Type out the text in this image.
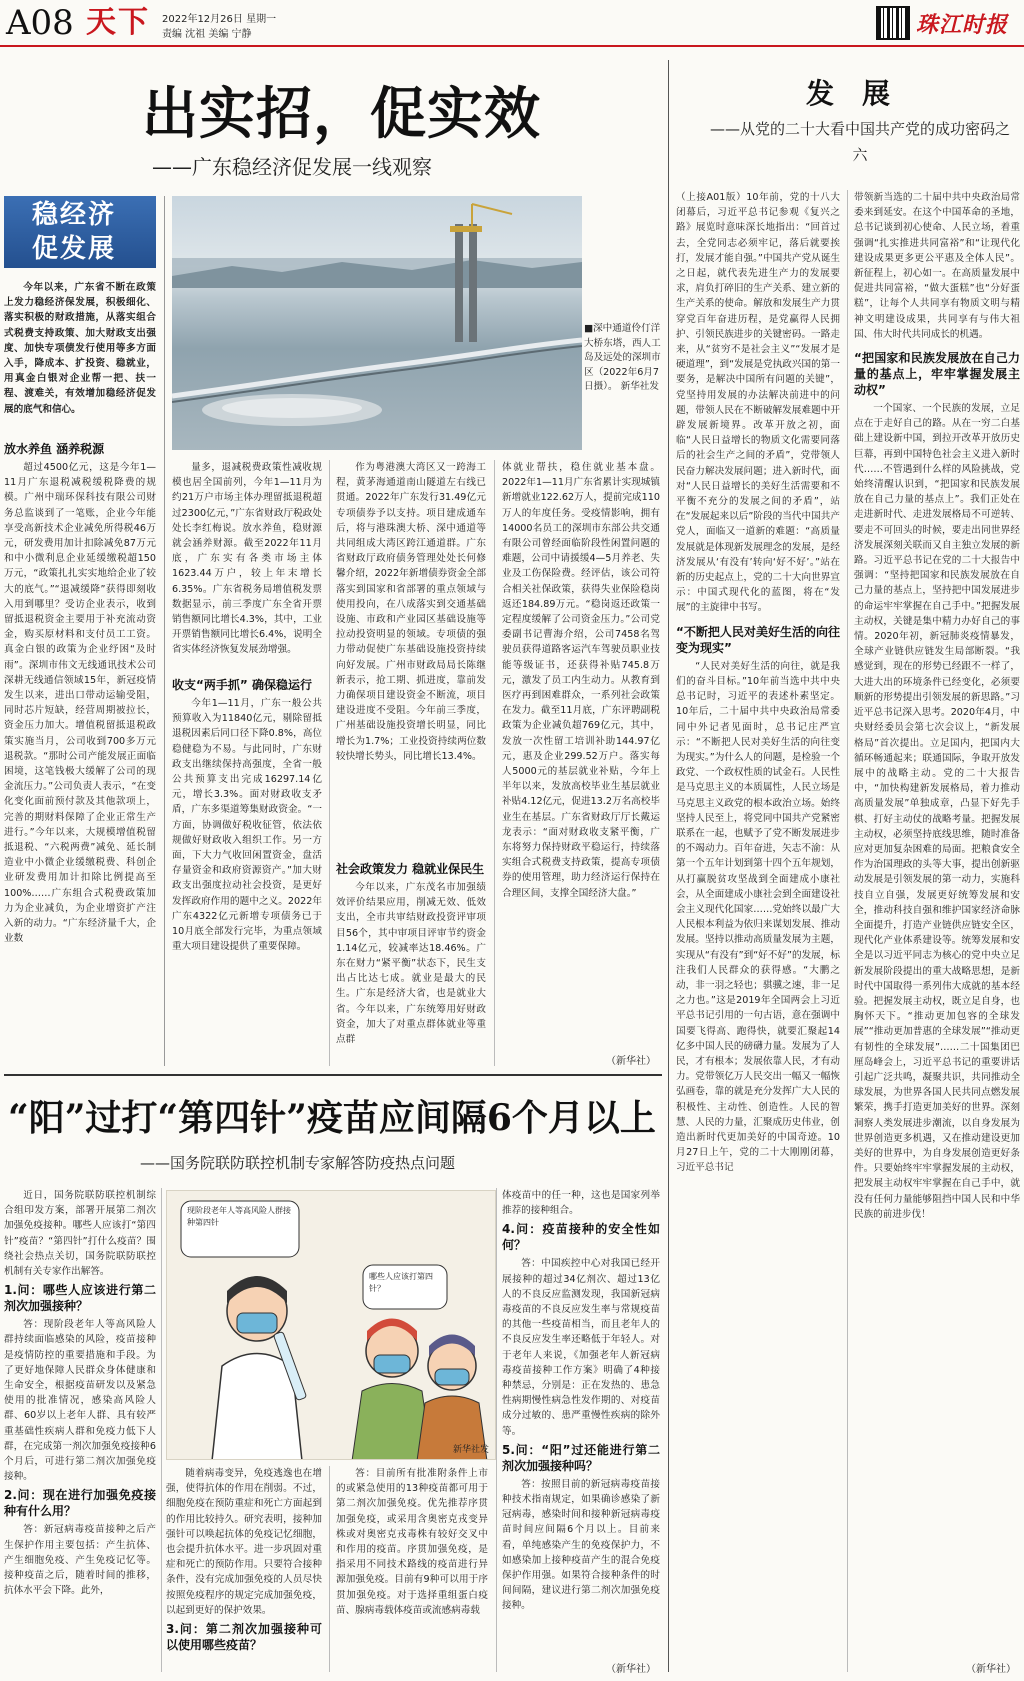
A08 天下 2022年12月26日 星期一
责编 沈祖 美编 宁静	珠江时报
出实招，促实效
——广东稳经济促发展一线观察
稳经济
促发展
今年以来，广东省不断在政策上发力稳经济保发展，积极细化、落实积极的财政措施，从落实组合式税费支持政策、加大财政支出强度、加快专项债发行使用等多方面入手，降成本、扩投资、稳就业，用真金白银对企业帮一把、扶一程、渡难关，有效增加稳经济促发展的底气和信心。
放水养鱼 涵养税源
超过4500亿元，这是今年1—11月广东退税减税缓税降费的规模。广州中瑞环保科技有限公司财务总监谈到了一笔账，企业今年能享受高新技术企业减免所得税46万元，研发费用加计扣除减免87万元和中小微利息企业延缓缴税超150万元，“政策扎扎实实地给企业了较大的底气。”“退减缓降”获得即刻收入用到哪里？受访企业表示，收到留抵退税资金主要用于补充流动资金，购买原材料和支付员工工资。真金白银的政策为企业纾困“及时雨”。深圳市伟文无线通讯技术公司深耕无线通信领域15年，新冠疫情发生以来，进出口带动运输受阻，同时芯片短缺，经营周期被拉长，资金压力加大。增值税留抵退税政策实施当月，公司收到700多万元退税款。“那时公司产能发展正面临困境，这笔钱极大缓解了公司的现金流压力。”公司负责人表示，“在变化变化面前预付款及其他款项上，完善的期财料保障了企业正常生产进行。”今年以来，大规模增值税留抵退税、“六税两费”减免、延长制造业中小微企业缓缴税费、科创企业研发费用加计扣除比例提高至100%……广东组合式税费政策加力为企业减负，为企业增资扩产注入新的动力。“广东经济量千大，企业数
■深中通道伶仃洋大桥东塔，西人工岛及远处的深圳市区（2022年6月7日摄）。 新华社发
量多，退减税费政策性减收规模也居全国前列，今年1—11月为约21万户市场主体办理留抵退税超过2300亿元，”广东省财政厅税政处处长李红梅说。放水养鱼，稳财源就会涵养财源。截至2022年11月底，广东实有各类市场主体1623.44万户，较上年末增长6.35%。广东省税务局增值税发票数据显示，前三季度广东全省开票销售额同比增长4.3%，其中，工业开票销售额同比增长6.4%，说明全省实体经济恢复发展劲增强。
收支“两手抓” 确保稳运行
今年1—11月，广东一般公共预算收入为11840亿元，剔除留抵退税因素后同口径下降0.8%，高位稳健稳为不易。与此同时，广东财政支出继续保持高强度，全省一般公共预算支出完成16297.14亿元，增长3.3%。面对财政收支矛盾，广东多渠道筹集财政资金。“一方面，协调做好税收征管，依法依规做好财政收入组织工作。另一方面，下大力气收回闲置资金，盘活存量资金和政府资源资产。”加大财政支出强度拉动社会投资，是更好发挥政府作用的题中之义。2022年广东4322亿元新增专项债务已于10月底全部发行完毕，为重点领域重大项目建设提供了重要保障。
作为粤港澳大湾区又一跨海工程，黄茅海通道南山隧道左右线已贯通。2022年广东发行31.49亿元专项债券予以支持。项目建成通车后，将与港珠澳大桥、深中通道等共同组成大湾区跨江通道群。广东省财政厅政府债务管理处处长何修馨介绍，2022年新增债券资金全部落实到国家和省部署的重点领域与使用投向，在八成落实到交通基础设施、市政和产业园区基础设施等拉动投资明显的领域。专项债的强力带动促使广东基础设施投资持续向好发展。广州市财政局局长陈继新表示，抢工期、抓进度，靠前发力确保项目建设资金不断流，项目建设进度不受阻。今年前三季度，广州基础设施投资增长明显，同比增长为1.7%；工业投资持续两位数较快增长势头，同比增长13.4%。
社会政策发力 稳就业保民生
今年以来，广东茂名市加强绩效评价结果应用，削减无效、低效支出，全市共审结财政投资评审项目56个，其中审项目评审节约资金1.14亿元，较减率达18.46%。广东在财力“紧平衡”状态下，民生支出占比达七成。就业是最大的民生。广东是经济大省，也是就业大省。今年以来，广东统筹用好财政资金，加大了对重点群体就业等重点群
体就业帮扶，稳住就业基本盘。2022年1—11月广东省累计实现城镇新增就业122.62万人，提前完成110万人的年度任务。受疫情影响，拥有14000名员工的深圳市东部公共交通有限公司曾经面临阶段性闲置问题的难题，公司中请援缓4—5月养老、失业及工伤保险费。经评估，该公司符合相关社保政策，获得失业保险稳岗返还184.89万元。“稳岗返还政策一定程度缓解了公司资金压力。”公司党委副书记曹海介绍，公司7458名驾驶员获得道路客运汽车驾驶员职业技能等级证书，还获得补贴745.8万元，激发了员工内生动力。从教育到医疗再到困难群众，一系列社会政策在发力。截至11月底，广东评聘副税政策为企业减负超769亿元，其中，发放一次性留工培训补助144.97亿元，惠及企业299.52万户。落实每人5000元的基层就业补贴，今年上半年以来，发放高校毕业生基层就业补贴4.12亿元，促进13.2万名高校毕业生在基层。广东省财政厅厅长戴运龙表示：“面对财政收支紧平衡，广东将努力保持财政平稳运行，持续落实组合式税费支持政策，提高专项债券的使用管理，助力经济运行保持在合理区间，支撑全国经济大盘。”
（新华社）
“阳”过打“第四针”疫苗应间隔6个月以上
——国务院联防联控机制专家解答防疫热点问题

近日，国务院联防联控机制综合组印发方案，部署开展第二剂次加强免疫接种。哪些人应该打“第四针”疫苗？“第四针”打什么疫苗？围绕社会热点关切，国务院联防联控机制有关专家作出解答。

1.问：哪些人应该进行第二剂次加强接种？

答：现阶段老年人等高风险人群持续面临感染的风险，疫苗接种是疫情防控的重要措施和手段。为了更好地保障人民群众身体健康和生命安全，根据疫苗研发以及紧急使用的批准情况，感染高风险人群、60岁以上老年人群、具有较严重基础性疾病人群和免疫力低下人群，在完成第一剂次加强免疫接种6个月后，可进行第二剂次加强免疫接种。

2.问：现在进行加强免疫接种有什么用？

答：新冠病毒疫苗接种之后产生保护作用主要包括：产生抗体、产生细胞免疫、产生免疫记忆等。接种疫苗之后，随着时间的推移，抗体水平会下降。此外，

现阶段老年人等高风险人群接种第四针
哪些人应该打第四针？
新华社发

随着病毒变异，免疫逃逸也在增强，使得抗体的作用在削弱。不过，细胞免疫在预防重症和死亡方面起到的作用比较持久。研究表明，接种加强针可以唤起抗体的免疫记忆细胞，也会提升抗体水平。进一步巩固对重症和死亡的预防作用。只要符合接种条件，没有完成加强免疫的人员尽快按照免疫程序的规定完成加强免疫，以起到更好的保护效果。

3.问：第二剂次加强接种可以使用哪些疫苗？

答：目前所有批准附条件上市的或紧急使用的13种疫苗都可用于第二剂次加强免疫。优先推荐序贯加强免疫，或采用含奥密克戎变异株或对奥密克戎毒株有较好交叉中和作用的疫苗。序贯加强免疫，是指采用不同技术路线的疫苗进行异源加强免疫。目前有9种可以用于序贯加强免疫。对于选择重组蛋白疫苗、腺病毒载体疫苗或流感病毒载

体疫苗中的任一种，这也是国家列举推荐的接种组合。

4.问：疫苗接种的安全性如何？

答：中国疾控中心对我国已经开展接种的超过34亿剂次、超过13亿人的不良反应监测发现，我国新冠病毒疫苗的不良反应发生率与常规疫苗的其他一些疫苗相当，而且老年人的不良反应发生率还略低于年轻人。对于老年人来说，《加强老年人新冠病毒疫苗接种工作方案》明确了4种接种禁忌，分别是：正在发热的、患急性病期慢性病急性发作期的、对疫苗成分过敏的、患严重慢性疾病的除外等。

5.问：“阳”过还能进行第二剂次加强接种吗？

答：按照目前的新冠病毒疫苗接种技术指南规定，如果确诊感染了新冠病毒，感染时间和接种新冠病毒疫苗时间应间隔6个月以上。目前来看，单纯感染产生的免疫保护力，不如感染加上接种疫苗产生的混合免疫保护作用强。如果符合接种条件的时间间隔，建议进行第二剂次加强免疫接种。

（新华社）
发　展
——从党的二十大看中国共产党的成功密码之六

（上接A01版）10年前，党的十八大闭幕后，习近平总书记参观《复兴之路》展览时意味深长地指出：“回首过去，全党同志必须牢记，落后就要挨打，发展才能自强。”中国共产党从诞生之日起，就代表先进生产力的发展要求，肩负打碎旧的生产关系、建立新的生产关系的使命。解放和发展生产力贯穿党百年奋进历程，是党赢得人民拥护、引领民族进步的关键密码。一路走来，从“贫穷不是社会主义”“发展才是硬道理”，到“发展是党执政兴国的第一要务，是解决中国所有问题的关键”，党坚持用发展的办法解决前进中的问题，带领人民在不断破解发展难题中开辟发展新境界。改革开放之初，面临“人民日益增长的物质文化需要同落后的社会生产之间的矛盾”，党带领人民奋力解决发展问题；进入新时代，面对“人民日益增长的美好生活需要和不平衡不充分的发展之间的矛盾”，站在“发展起来以后”阶段的当代中国共产党人，面临又一道新的难题：“高质量发展就是体现新发展理念的发展，是经济发展从‘有没有’转向‘好不好’。”站在新的历史起点上，党的二十大向世界宣示：中国式现代化的蓝图，将在“发展”的主旋律中书写。

“不断把人民对美好生活的向往变为现实”

“人民对美好生活的向往，就是我们的奋斗目标。”10年前当选中共中央总书记时，习近平的表述朴素坚定。10年后，二十届中共中央政治局常委同中外记者见面时，总书记庄严宣示：“不断把人民对美好生活的向往变为现实。”为什么人的问题，是检验一个政党、一个政权性质的试金石。人民性是马克思主义的本质属性，人民立场是马克思主义政党的根本政治立场。始终坚持人民至上，将党同中国共产党紧密联系在一起，也赋予了党不断发展进步的不竭动力。百年奋进，矢志不渝：从第一个五年计划到第十四个五年规划，从打赢脱贫攻坚战到全面建成小康社会，从全面建成小康社会到全面建设社会主义现代化国家……党始终以最广大人民根本利益为依归来谋划发展、推动发展。坚持以推动高质量发展为主题，实现从“有没有”到“好不好”的发展，标注我们人民群众的获得感。“大鹏之动，非一羽之轻也；骐骥之速，非一足之力也。”这是2019年全国两会上习近平总书记引用的一句古语，意在强调中国要飞得高、跑得快，就要汇聚起14亿多中国人民的磅礴力量。发展为了人民，才有根本；发展依靠人民，才有动力。党带领亿万人民交出一幅又一幅恢弘画卷，靠的就是充分发挥广大人民的积极性、主动性、创造性。人民的智慧、人民的力量，汇聚成历史伟业，创造出新时代更加美好的中国奇迹。10月27日上午，党的二十大刚刚闭幕，习近平总书记

带领新当选的二十届中共中央政治局常委来到延安。在这个中国革命的圣地，总书记谈到初心使命、人民立场，着重强调“扎实推进共同富裕”和“让现代化建设成果更多更公平惠及全体人民”。新征程上，初心如一。在高质量发展中促进共同富裕，“做大蛋糕”也“分好蛋糕”，让每个人共同享有物质文明与精神文明建设成果，共同享有与伟大祖国、伟大时代共同成长的机遇。

“把国家和民族发展放在自己力量的基点上，牢牢掌握发展主动权”

一个国家、一个民族的发展，立足点在于走好自己的路。从在一穷二白基础上建设新中国，到拉开改革开放历史巨幕，再到中国特色社会主义进入新时代……不管遇到什么样的风险挑战，党始终清醒认识到，“把国家和民族发展放在自己力量的基点上”。我们正处在走进新时代、走进发展格局不可逆转、要走不可回头的时候，要走出同世界经济发展深刻关联而又自主独立发展的新路。习近平总书记在党的二十大报告中强调：“坚持把国家和民族发展放在自己力量的基点上，坚持把中国发展进步的命运牢牢掌握在自己手中。”把握发展主动权，关键是集中精力办好自己的事情。2020年初，新冠肺炎疫情暴发，全球产业链供应链发生局部断裂。“我感觉到，现在的形势已经跟不一样了，大进大出的环境条件已经变化，必须要顺新的形势提出引领发展的新思路。”习近平总书记深入思考。2020年4月，中央财经委员会第七次会议上，“新发展格局”首次提出。立足国内，把国内大循环畅通起来；联通国际，争取开放发展中的战略主动。党的二十大报告中，“加快构建新发展格局，着力推动高质量发展”单独成章，凸显下好先手棋、打好主动仗的战略考量。把握发展主动权，必须坚持底线思维，随时准备应对更加复杂困难的局面。把粮食安全作为治国理政的头等大事，提出创新驱动发展是引领发展的第一动力，实施科技自立自强，发展更好统筹发展和安全，推动科技自强和维护国家经济命脉全面提升，打造产业链供应链安全区，现代化产业体系建设等。统筹发展和安全是以习近平同志为核心的党中央立足新发展阶段提出的重大战略思想，是新时代中国取得一系列伟大成就的基本经验。把握发展主动权，既立足自身，也胸怀天下。“推动更加包容的全球发展”“推动更加普惠的全球发展”“推动更有韧性的全球发展”……二十国集团巴厘岛峰会上，习近平总书记的重要讲话引起广泛共鸣，凝聚共识，共同推动全球发展，为世界各国人民共同点燃发展繁荣，携手打造更加美好的世界。深刻洞察人类发展进步潮流，以自身发展为世界创造更多机遇，又在推动建设更加美好的世界中，为自身发展创造更好条件。只要始终牢牢掌握发展的主动权，把发展主动权牢牢掌握在自己手中，就没有任何力量能够阻挡中国人民和中华民族的前进步伐！

（新华社）
